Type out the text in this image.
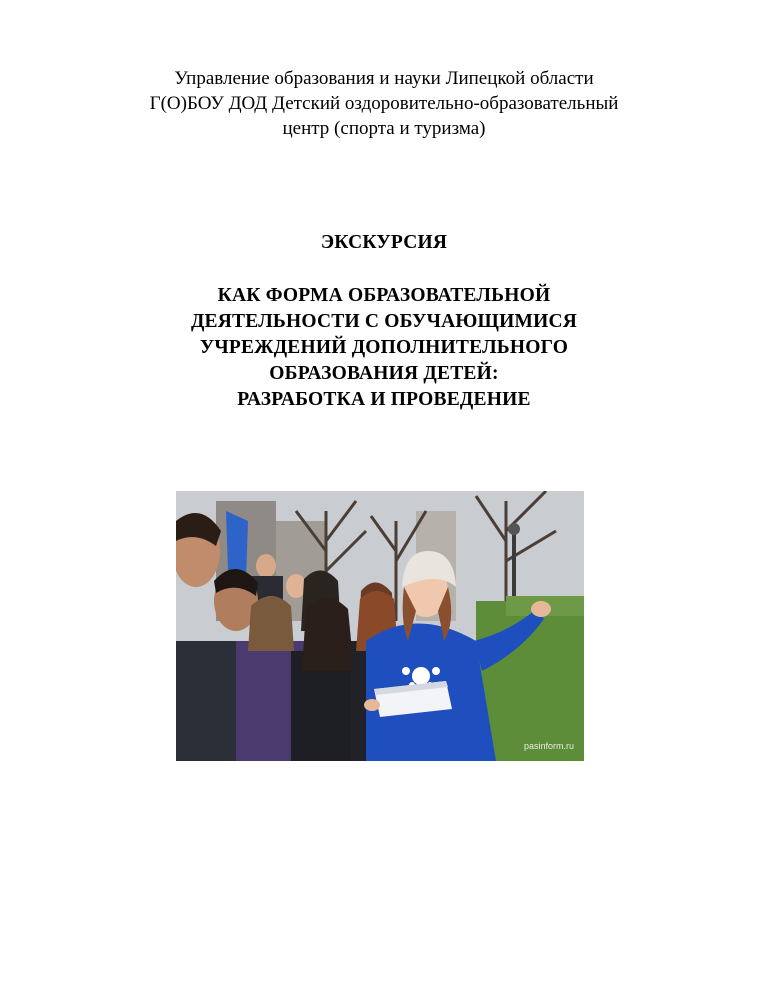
Управление образования и науки Липецкой области
Г(О)БОУ ДОД Детский оздоровительно-образовательный
центр (спорта и туризма)
ЭКСКУРСИЯ
КАК ФОРМА ОБРАЗОВАТЕЛЬНОЙ
ДЕЯТЕЛЬНОСТИ С ОБУЧАЮЩИМИСЯ
УЧРЕЖДЕНИЙ ДОПОЛНИТЕЛЬНОГО
ОБРАЗОВАНИЯ ДЕТЕЙ:
РАЗРАБОТКА И ПРОВЕДЕНИЕ
pasinform.ru
